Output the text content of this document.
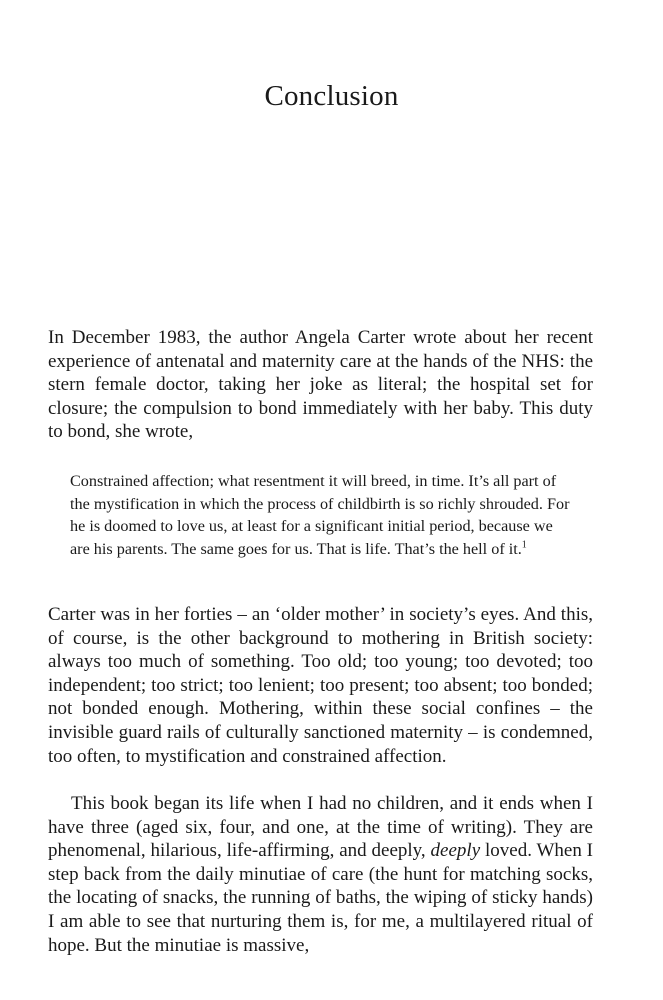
Conclusion

In December 1983, the author Angela Carter wrote about her recent experience of antenatal and maternity care at the hands of the NHS: the stern female doctor, taking her joke as literal; the hospital set for closure; the compulsion to bond immediately with her baby. This duty to bond, she wrote,

Constrained affection; what resentment it will breed, in time. It’s all part of the mystification in which the process of childbirth is so richly shrouded. For he is doomed to love us, at least for a significant initial period, because we are his parents. The same goes for us. That is life. That’s the hell of it.$^1$

Carter was in her forties – an ‘older mother’ in society’s eyes. And this, of course, is the other background to mothering in British society: always too much of something. Too old; too young; too devoted; too independent; too strict; too lenient; too present; too absent; too bonded; not bonded enough. Mothering, within these social confines – the invisible guard rails of culturally sanctioned maternity – is condemned, too often, to mystification and constrained affection.

This book began its life when I had no children, and it ends when I have three (aged six, four, and one, at the time of writing). They are phenomenal, hilarious, life-affirming, and deeply, deeply loved. When I step back from the daily minutiae of care (the hunt for matching socks, the locating of snacks, the running of baths, the wiping of sticky hands) I am able to see that nurturing them is, for me, a multilayered ritual of hope. But the minutiae is massive,
